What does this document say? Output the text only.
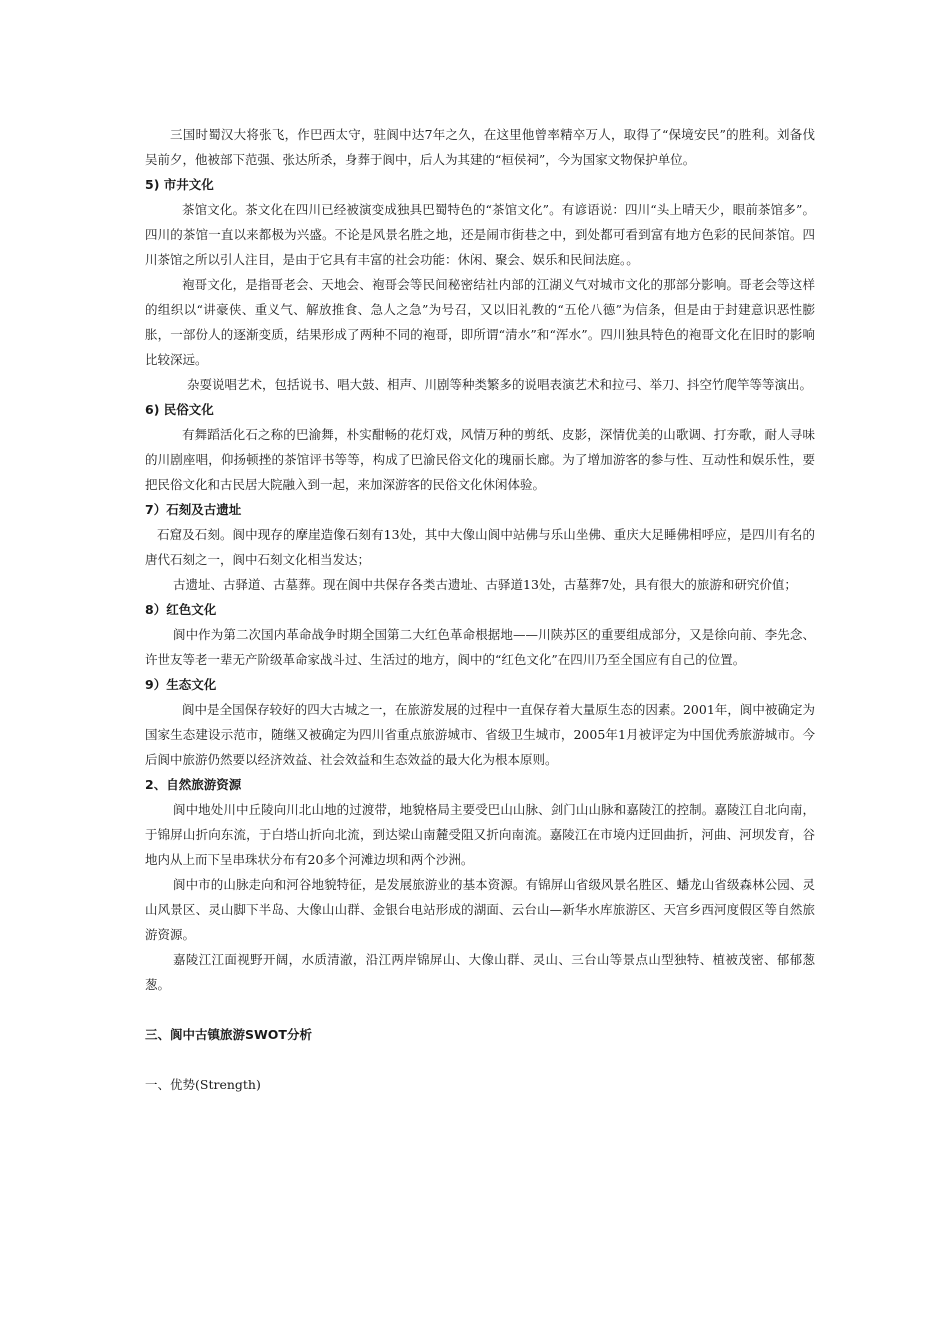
三国时蜀汉大将张飞，作巴西太守，驻阆中达7年之久，在这里他曾率精卒万人，取得了“保境安民”的胜利。刘备伐吴前夕，他被部下范强、张达所杀，身葬于阆中，后人为其建的“桓侯祠”，今为国家文物保护单位。

5) 市井文化

茶馆文化。茶文化在四川已经被演变成独具巴蜀特色的“茶馆文化”。有谚语说：四川“头上晴天少，眼前茶馆多”。四川的茶馆一直以来都极为兴盛。不论是风景名胜之地，还是闹市街巷之中，到处都可看到富有地方色彩的民间茶馆。四川茶馆之所以引人注目，是由于它具有丰富的社会功能：休闲、聚会、娱乐和民间法庭。。

袍哥文化，是指哥老会、天地会、袍哥会等民间秘密结社内部的江湖义气对城市文化的那部分影响。哥老会等这样的组织以“讲豪侠、重义气、解放推食、急人之急”为号召，又以旧礼教的“五伦八德”为信条，但是由于封建意识恶性膨胀，一部份人的逐渐变质，结果形成了两种不同的袍哥，即所谓“清水”和“浑水”。四川独具特色的袍哥文化在旧时的影响比较深远。

杂耍说唱艺术，包括说书、唱大鼓、相声、川剧等种类繁多的说唱表演艺术和拉弓、举刀、抖空竹爬竿等等演出。

6) 民俗文化

有舞蹈活化石之称的巴渝舞，朴实酣畅的花灯戏，风情万种的剪纸、皮影，深情优美的山歌调、打夯歌，耐人寻味的川剧座唱，仰扬顿挫的茶馆评书等等，构成了巴渝民俗文化的瑰丽长廊。为了增加游客的参与性、互动性和娱乐性，要把民俗文化和古民居大院融入到一起，来加深游客的民俗文化休闲体验。

7）石刻及古遗址

石窟及石刻。阆中现存的摩崖造像石刻有13处，其中大像山阆中站佛与乐山坐佛、重庆大足睡佛相呼应，是四川有名的唐代石刻之一，阆中石刻文化相当发达；

古遗址、古驿道、古墓葬。现在阆中共保存各类古遗址、古驿道13处，古墓葬7处，具有很大的旅游和研究价值；

8）红色文化

阆中作为第二次国内革命战争时期全国第二大红色革命根据地——川陕苏区的重要组成部分，又是徐向前、李先念、许世友等老一辈无产阶级革命家战斗过、生活过的地方，阆中的“红色文化”在四川乃至全国应有自己的位置。

9）生态文化

阆中是全国保存较好的四大古城之一，在旅游发展的过程中一直保存着大量原生态的因素。2001年，阆中被确定为国家生态建设示范市，随继又被确定为四川省重点旅游城市、省级卫生城市，2005年1月被评定为中国优秀旅游城市。今后阆中旅游仍然要以经济效益、社会效益和生态效益的最大化为根本原则。

2、自然旅游资源

阆中地处川中丘陵向川北山地的过渡带，地貌格局主要受巴山山脉、剑门山山脉和嘉陵江的控制。嘉陵江自北向南，于锦屏山折向东流，于白塔山折向北流，到达梁山南麓受阻又折向南流。嘉陵江在市境内迂回曲折，河曲、河坝发育，谷地内从上而下呈串珠状分布有20多个河滩边坝和两个沙洲。

阆中市的山脉走向和河谷地貌特征，是发展旅游业的基本资源。有锦屏山省级风景名胜区、蟠龙山省级森林公园、灵山风景区、灵山脚下半岛、大像山山群、金银台电站形成的湖面、云台山—新华水库旅游区、天宫乡西河度假区等自然旅游资源。

嘉陵江江面视野开阔，水质清澈，沿江两岸锦屏山、大像山群、灵山、三台山等景点山型独特、植被茂密、郁郁葱葱。

三、阆中古镇旅游SWOT分析

一、优势(Strength)
